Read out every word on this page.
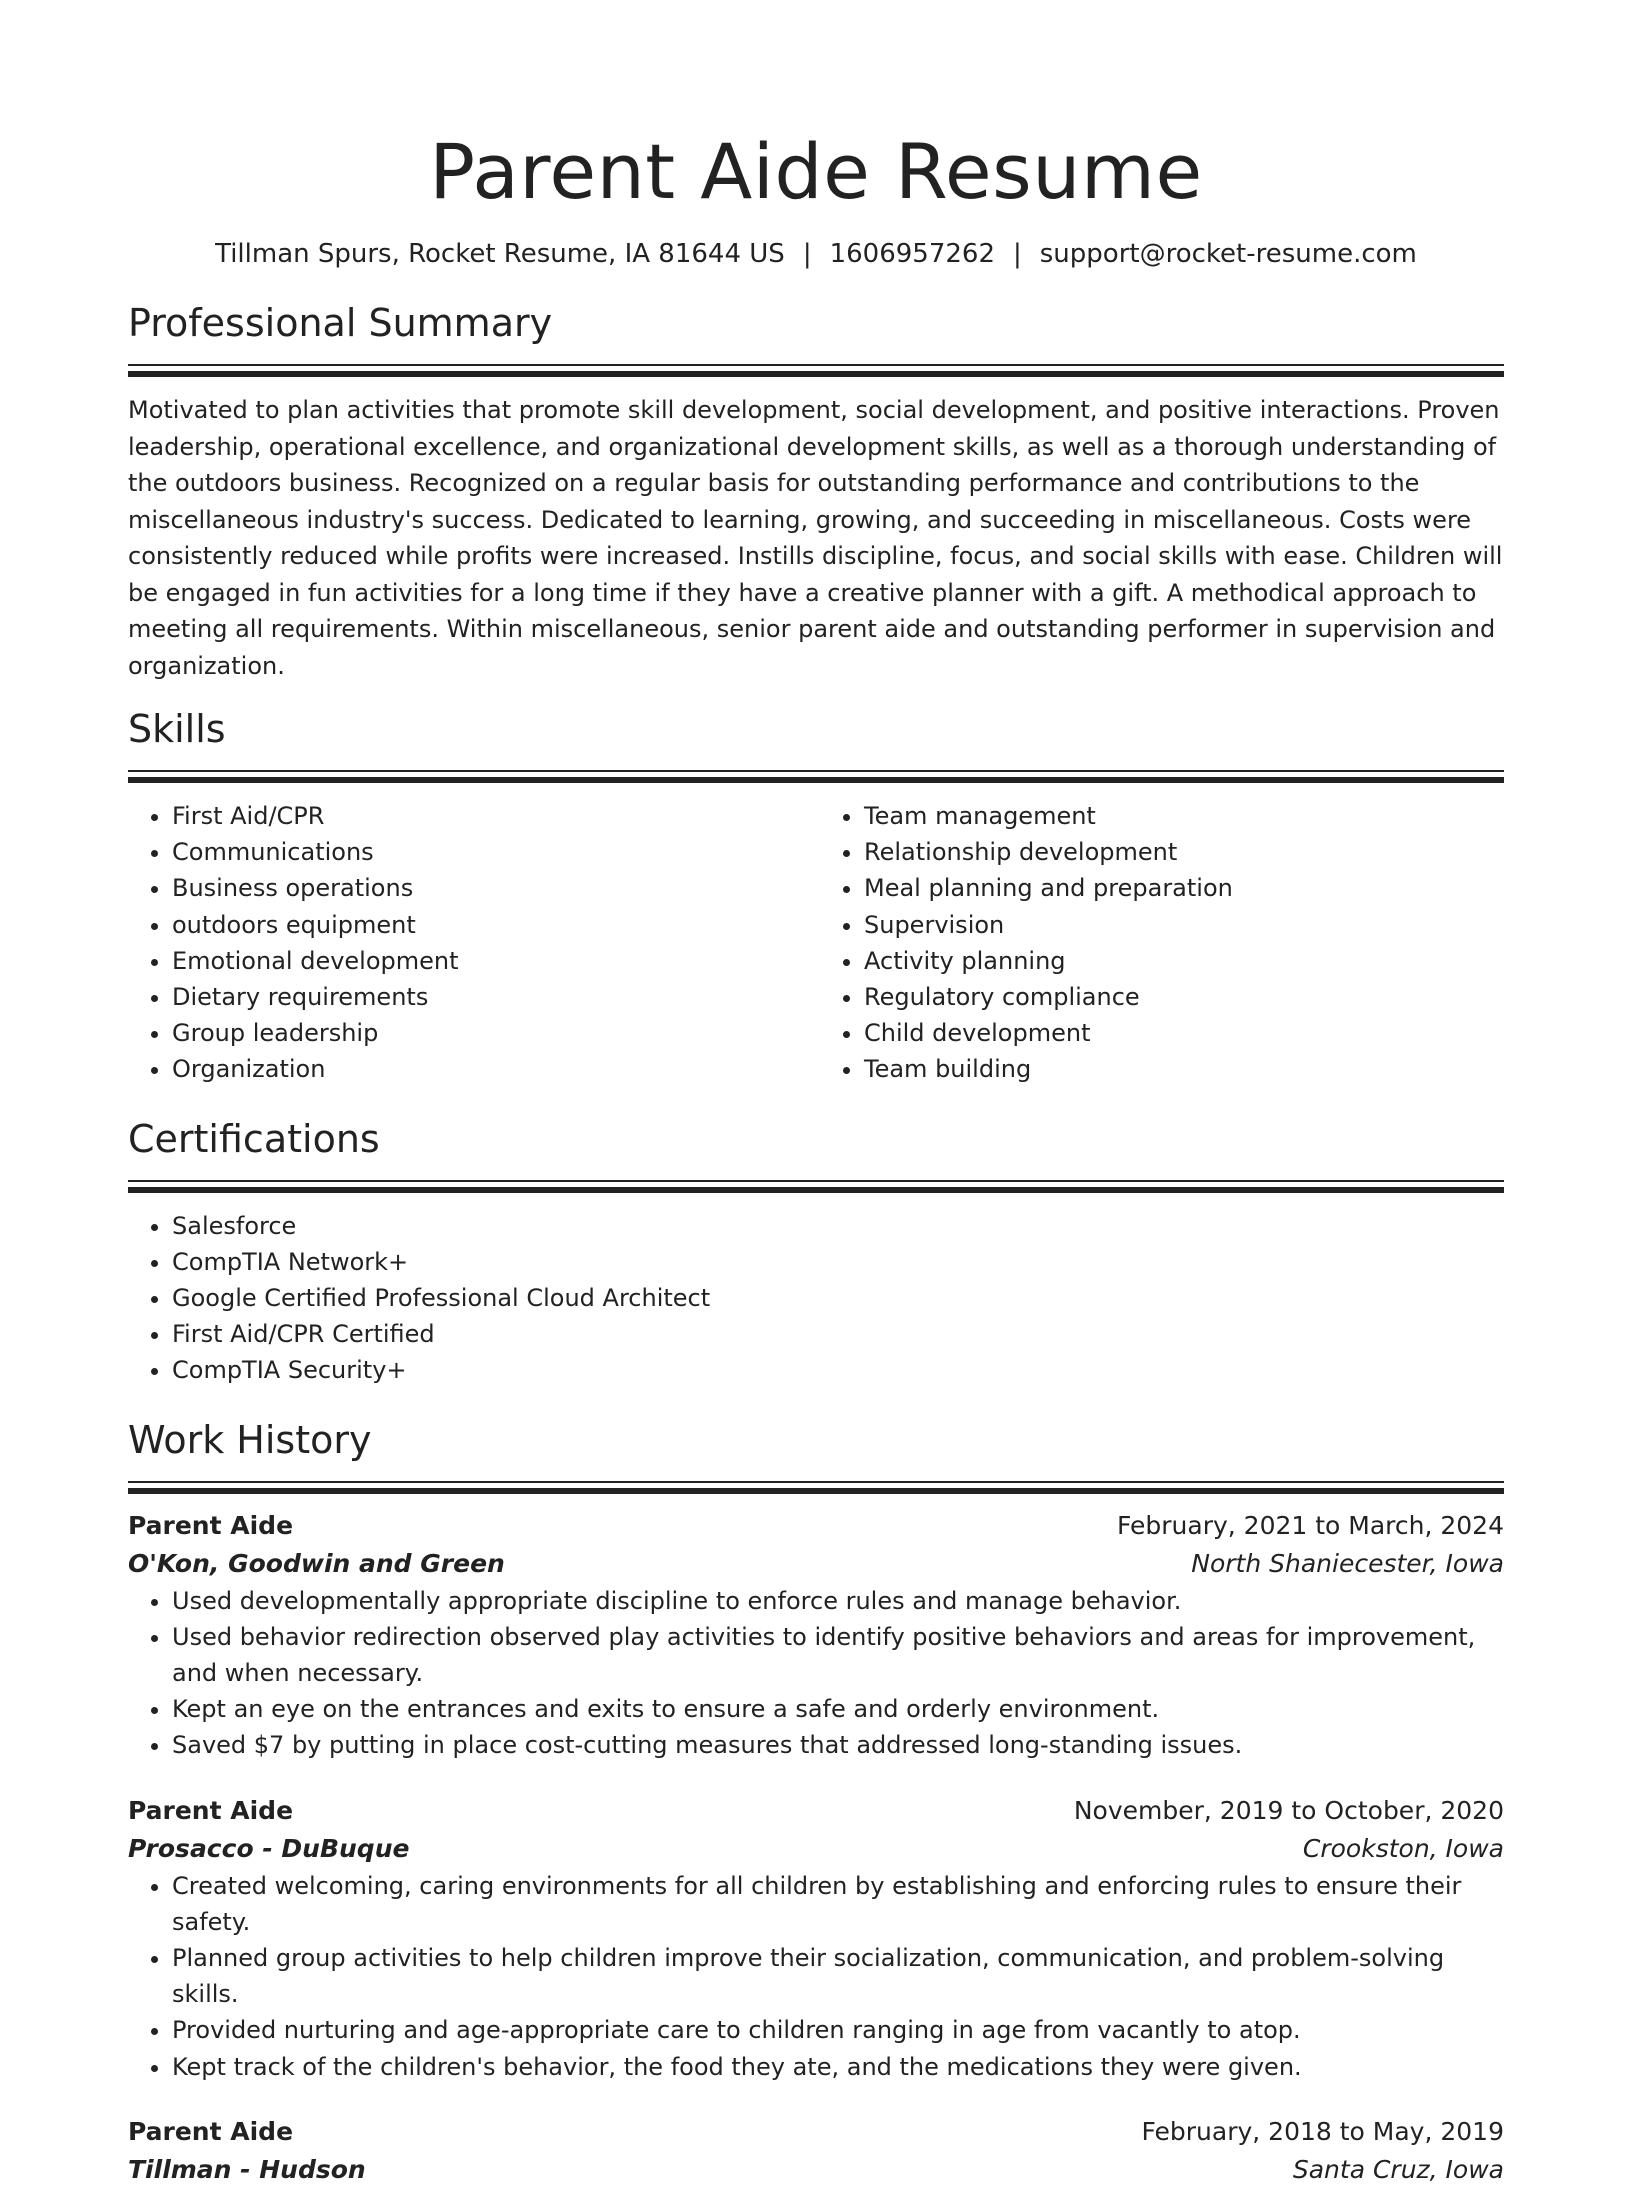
Parent Aide Resume
Tillman Spurs, Rocket Resume, IA 81644 US | 1606957262 | support@rocket-resume.com
Professional Summary

Motivated to plan activities that promote skill development, social development, and positive interactions. Proven leadership, operational excellence, and organizational development skills, as well as a thorough understanding of the outdoors business. Recognized on a regular basis for outstanding performance and contributions to the miscellaneous industry's success. Dedicated to learning, growing, and succeeding in miscellaneous. Costs were consistently reduced while profits were increased. Instills discipline, focus, and social skills with ease. Children will be engaged in fun activities for a long time if they have a creative planner with a gift. A methodical approach to meeting all requirements. Within miscellaneous, senior parent aide and outstanding performer in supervision and organization.

Skills
• First Aid/CPR
• Communications
• Business operations
• outdoors equipment
• Emotional development
• Dietary requirements
• Group leadership
• Organization
• Team management
• Relationship development
• Meal planning and preparation
• Supervision
• Activity planning
• Regulatory compliance
• Child development
• Team building
Certifications
• Salesforce
• CompTIA Network+
• Google Certified Professional Cloud Architect
• First Aid/CPR Certified
• CompTIA Security+
Work History
Parent Aide	February, 2021 to March, 2024
O'Kon, Goodwin and Green	North Shaniecester, Iowa
• Used developmentally appropriate discipline to enforce rules and manage behavior.
• Used behavior redirection observed play activities to identify positive behaviors and areas for improvement, and when necessary.
• Kept an eye on the entrances and exits to ensure a safe and orderly environment.
• Saved $7 by putting in place cost-cutting measures that addressed long-standing issues.
Parent Aide	November, 2019 to October, 2020
Prosacco - DuBuque	Crookston, Iowa
• Created welcoming, caring environments for all children by establishing and enforcing rules to ensure their safety.
• Planned group activities to help children improve their socialization, communication, and problem-solving skills.
• Provided nurturing and age-appropriate care to children ranging in age from vacantly to atop.
• Kept track of the children's behavior, the food they ate, and the medications they were given.
Parent Aide	February, 2018 to May, 2019
Tillman - Hudson	Santa Cruz, Iowa
